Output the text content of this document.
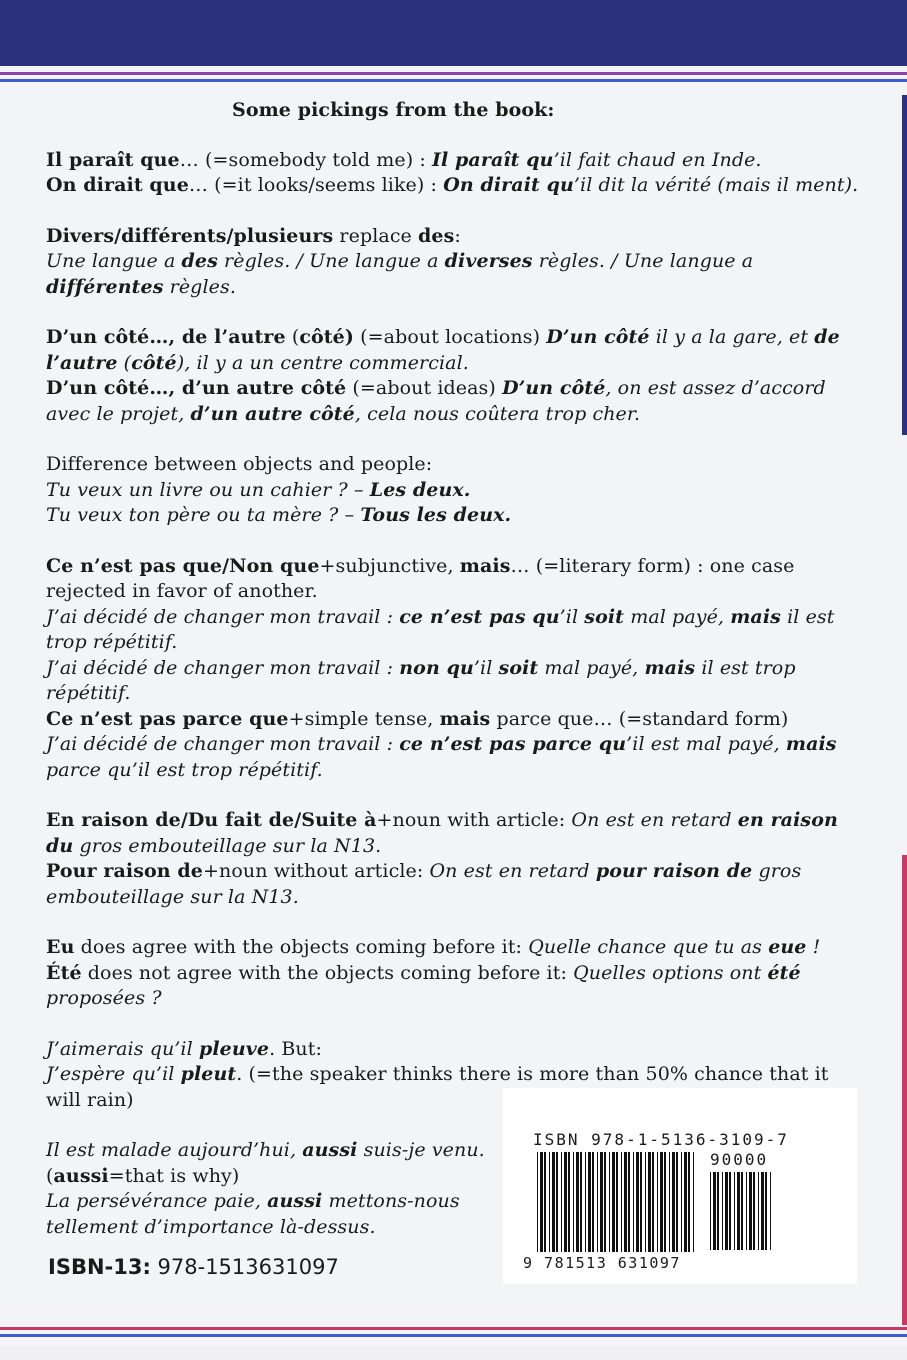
Some pickings from the book:

Il paraît que… (=somebody told me) : Il paraît qu’il fait chaud en Inde.

On dirait que… (=it looks/seems like) : On dirait qu’il dit la vérité (mais il ment).

Divers/différents/plusieurs replace des:

Une langue a des règles. / Une langue a diverses règles. / Une langue a différentes règles.

D’un côté…, de l’autre (côté) (=about locations) D’un côté il y a la gare, et de l’autre (côté), il y a un centre commercial.

D’un côté…, d’un autre côté (=about ideas) D’un côté, on est assez d’accord avec le projet, d’un autre côté, cela nous coûtera trop cher.

Difference between objects and people:

Tu veux un livre ou un cahier ? – Les deux.

Tu veux ton père ou ta mère ? – Tous les deux.

Ce n’est pas que/Non que+subjunctive, mais… (=literary form) : one case rejected in favor of another.

J’ai décidé de changer mon travail : ce n’est pas qu’il soit mal payé, mais il est trop répétitif.

J’ai décidé de changer mon travail : non qu’il soit mal payé, mais il est trop répétitif.

Ce n’est pas parce que+simple tense, mais parce que… (=standard form)

J’ai décidé de changer mon travail : ce n’est pas parce qu’il est mal payé, mais parce qu’il est trop répétitif.

En raison de/Du fait de/Suite à+noun with article: On est en retard en raison du gros embouteillage sur la N13.

Pour raison de+noun without article: On est en retard pour raison de gros embouteillage sur la N13.

Eu does agree with the objects coming before it: Quelle chance que tu as eue !

Été does not agree with the objects coming before it: Quelles options ont été proposées ?

J’aimerais qu’il pleuve. But:

J’espère qu’il pleut. (=the speaker thinks there is more than 50% chance that it will rain)

Il est malade aujourd’hui, aussi suis-je venu.

(aussi=that is why)

La persévérance paie, aussi mettons-nous tellement d’importance là-dessus.

ISBN-13: 978-1513631097
ISBN 978-1-5136-3109-7
90000
9 781513 631097
